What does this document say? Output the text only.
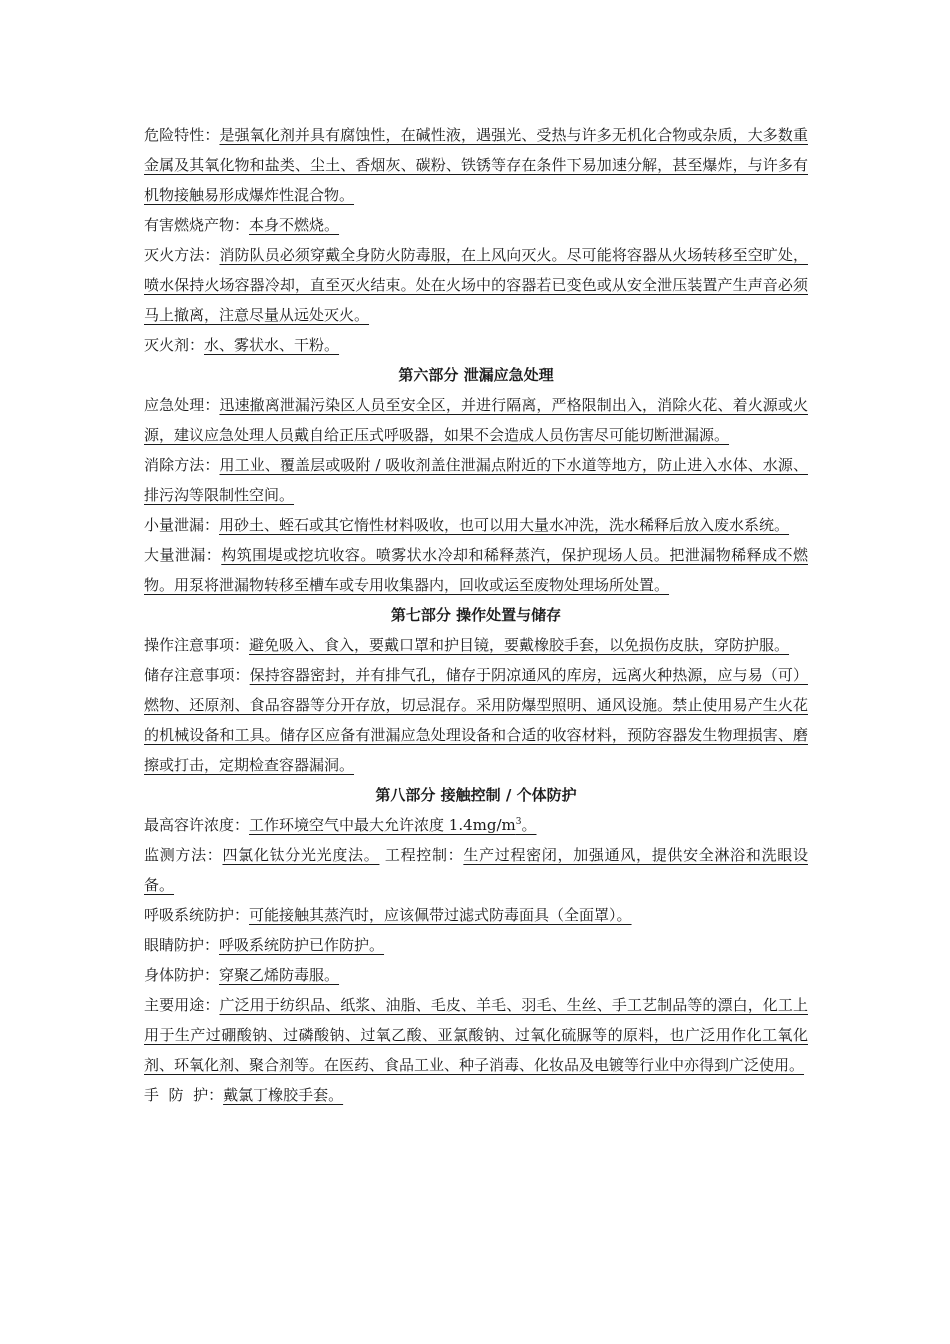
危险特性：是强氧化剂并具有腐蚀性，在碱性液，遇强光、受热与许多无机化合物或杂质，大多数重金属及其氧化物和盐类、尘土、香烟灰、碳粉、铁锈等存在条件下易加速分解，甚至爆炸，与许多有机物接触易形成爆炸性混合物。

有害燃烧产物：本身不燃烧。

灭火方法：消防队员必须穿戴全身防火防毒服，在上风向灭火。尽可能将容器从火场转移至空旷处，喷水保持火场容器冷却，直至灭火结束。处在火场中的容器若已变色或从安全泄压装置产生声音必须马上撤离，注意尽量从远处灭火。

灭火剂：水、雾状水、干粉。

第六部分 泄漏应急处理

应急处理：迅速撤离泄漏污染区人员至安全区，并进行隔离，严格限制出入，消除火花、着火源或火源，建议应急处理人员戴自给正压式呼吸器，如果不会造成人员伤害尽可能切断泄漏源。

消除方法：用工业、覆盖层或吸附 / 吸收剂盖住泄漏点附近的下水道等地方，防止进入水体、水源、排污沟等限制性空间。

小量泄漏：用砂土、蛭石或其它惰性材料吸收，也可以用大量水冲洗，洗水稀释后放入废水系统。

大量泄漏：构筑围堤或挖坑收容。喷雾状水冷却和稀释蒸汽，保护现场人员。把泄漏物稀释成不燃物。用泵将泄漏物转移至槽车或专用收集器内，回收或运至废物处理场所处置。

第七部分 操作处置与储存

操作注意事项：避免吸入、食入，要戴口罩和护目镜，要戴橡胶手套，以免损伤皮肤，穿防护服。

储存注意事项：保持容器密封，并有排气孔，储存于阴凉通风的库房，远离火种热源，应与易（可）燃物、还原剂、食品容器等分开存放，切忌混存。采用防爆型照明、通风设施。禁止使用易产生火花的机械设备和工具。储存区应备有泄漏应急处理设备和合适的收容材料，预防容器发生物理损害、磨擦或打击，定期检查容器漏洞。

第八部分 接触控制 / 个体防护

最高容许浓度：工作环境空气中最大允许浓度 $1.4mg/m^3$。

监测方法：四氯化钛分光光度法。 工程控制：生产过程密闭，加强通风，提供安全淋浴和洗眼设备。

呼吸系统防护：可能接触其蒸汽时，应该佩带过滤式防毒面具（全面罩）。

眼睛防护：呼吸系统防护已作防护。

身体防护：穿聚乙烯防毒服。

主要用途：广泛用于纺织品、纸浆、油脂、毛皮、羊毛、羽毛、生丝、手工艺制品等的漂白，化工上用于生产过硼酸钠、过磷酸钠、过氧乙酸、亚氯酸钠、过氧化硫脲等的原料，也广泛用作化工氧化剂、环氧化剂、聚合剂等。在医药、食品工业、种子消毒、化妆品及电镀等行业中亦得到广泛使用。

手  防  护：戴氯丁橡胶手套。
